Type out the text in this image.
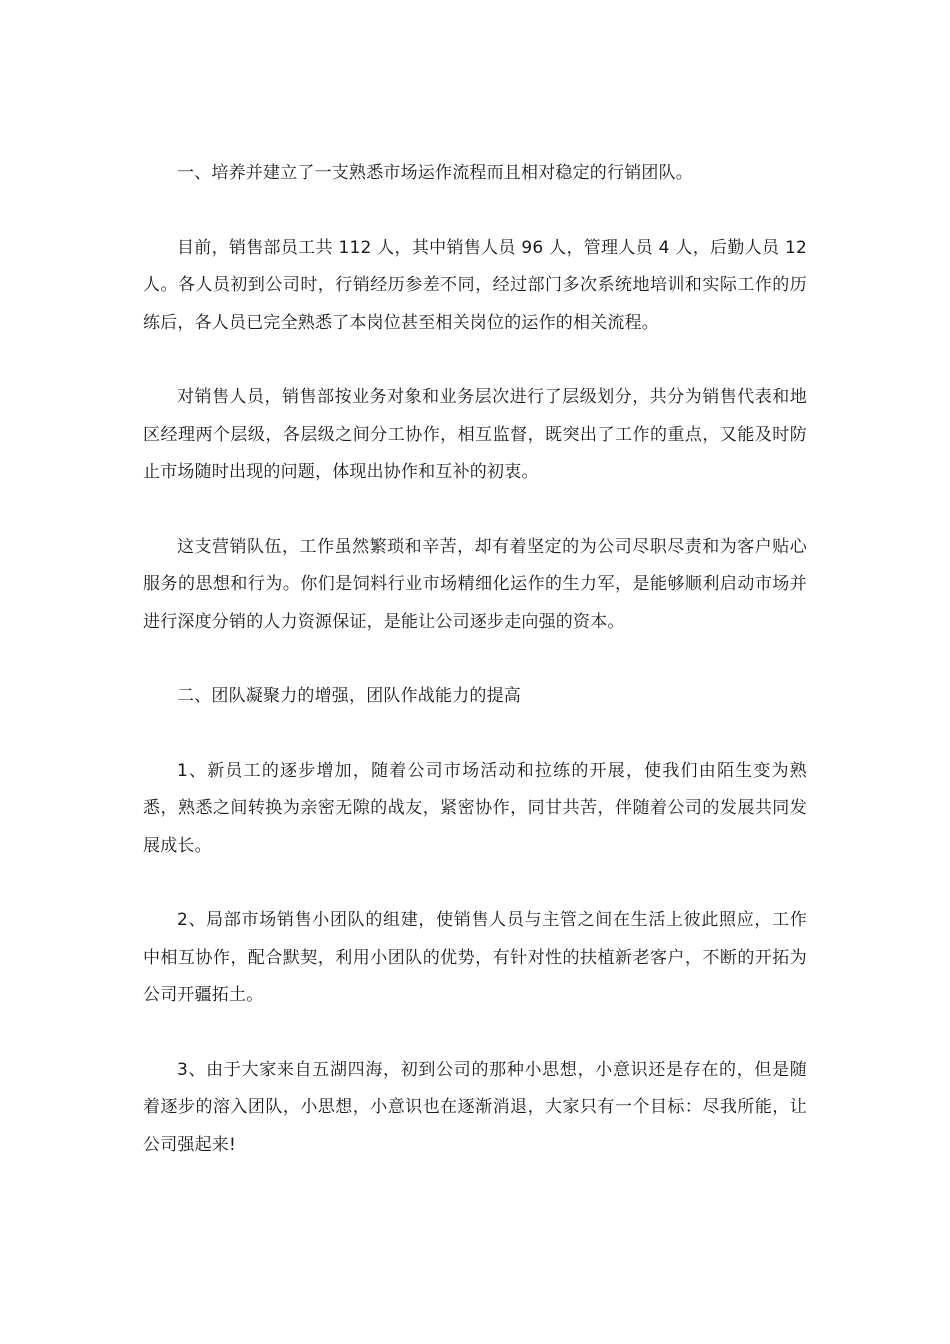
一、培养并建立了一支熟悉市场运作流程而且相对稳定的行销团队。

目前，销售部员工共 112 人，其中销售人员 96 人，管理人员 4 人，后勤人员 12 人。各人员初到公司时，行销经历参差不同，经过部门多次系统地培训和实际工作的历练后，各人员已完全熟悉了本岗位甚至相关岗位的运作的相关流程。

对销售人员，销售部按业务对象和业务层次进行了层级划分，共分为销售代表和地区经理两个层级，各层级之间分工协作，相互监督，既突出了工作的重点，又能及时防止市场随时出现的问题，体现出协作和互补的初衷。

这支营销队伍，工作虽然繁琐和辛苦，却有着坚定的为公司尽职尽责和为客户贴心服务的思想和行为。你们是饲料行业市场精细化运作的生力军，是能够顺利启动市场并进行深度分销的人力资源保证，是能让公司逐步走向强的资本。

二、团队凝聚力的增强，团队作战能力的提高

1、新员工的逐步增加，随着公司市场活动和拉练的开展，使我们由陌生变为熟悉，熟悉之间转换为亲密无隙的战友，紧密协作，同甘共苦，伴随着公司的发展共同发展成长。

2、局部市场销售小团队的组建，使销售人员与主管之间在生活上彼此照应，工作中相互协作，配合默契，利用小团队的优势，有针对性的扶植新老客户，不断的开拓为公司开疆拓土。

3、由于大家来自五湖四海，初到公司的那种小思想，小意识还是存在的，但是随着逐步的溶入团队，小思想，小意识也在逐渐消退，大家只有一个目标：尽我所能，让公司强起来!
